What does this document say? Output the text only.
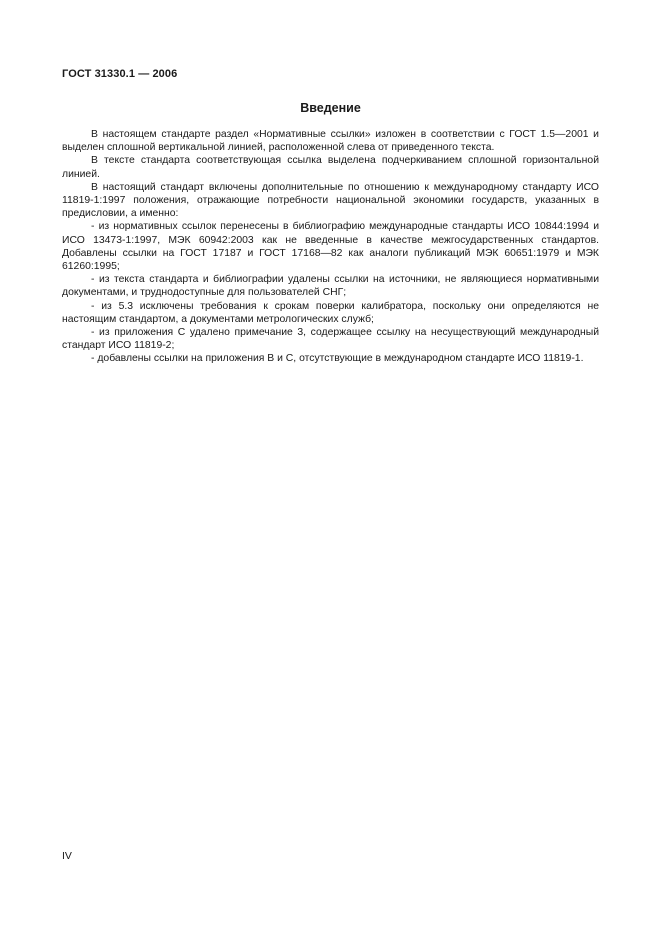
ГОСТ 31330.1 — 2006
Введение

В настоящем стандарте раздел «Нормативные ссылки» изложен в соответствии с ГОСТ 1.5—2001 и выделен сплошной вертикальной линией, расположенной слева от приведенного текста.

В тексте стандарта соответствующая ссылка выделена подчеркиванием сплошной горизонтальной линией.

В настоящий стандарт включены дополнительные по отношению к международному стандарту ИСО 11819-1:1997 положения, отражающие потребности национальной экономики государств, указанных в предисловии, а именно:

- из нормативных ссылок перенесены в библиографию международные стандарты ИСО 10844:1994 и ИСО 13473-1:1997, МЭК 60942:2003 как не введенные в качестве межгосударственных стандартов. Добавлены ссылки на ГОСТ 17187 и ГОСТ 17168—82 как аналоги публикаций МЭК 60651:1979 и МЭК 61260:1995;

- из текста стандарта и библиографии удалены ссылки на источники, не являющиеся нормативными документами, и труднодоступные для пользователей СНГ;

- из 5.3 исключены требования к срокам поверки калибратора, поскольку они определяются не настоящим стандартом, а документами метрологических служб;

- из приложения С удалено примечание 3, содержащее ссылку на несуществующий международный стандарт ИСО 11819-2;

- добавлены ссылки на приложения В и С, отсутствующие в международном стандарте ИСО 11819-1.

IV
